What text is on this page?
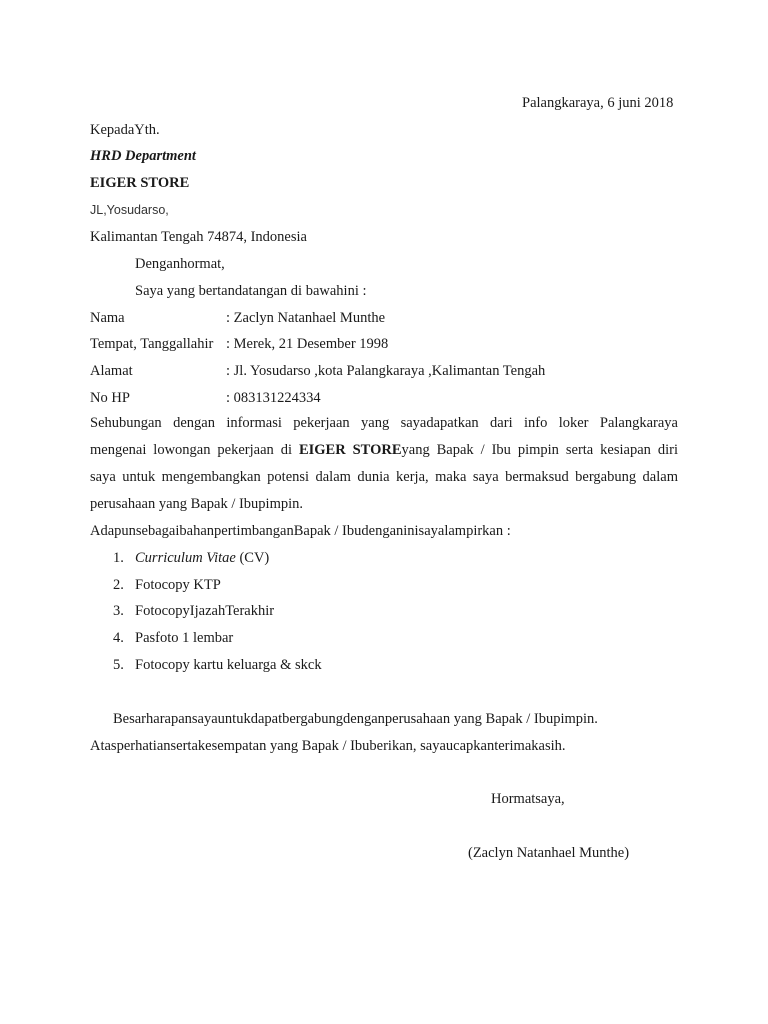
Palangkaraya, 6 juni 2018
KepadaYth.
HRD Department
EIGER STORE
JL,Yosudarso,
Kalimantan Tengah 74874, Indonesia
Denganhormat,
Saya yang bertandatangan di bawahini :
Nama	: Zaclyn Natanhael Munthe
Tempat, Tanggallahir : Merek, 21 Desember 1998
Alamat	: Jl. Yosudarso ,kota Palangkaraya ,Kalimantan Tengah
No HP	: 083131224334
Sehubungan dengan informasi pekerjaan yang sayadapatkan dari info loker Palangkaraya
mengenai lowongan pekerjaan di EIGER STOREyang Bapak / Ibu pimpin serta kesiapan diri
saya untuk mengembangkan potensi dalam dunia kerja, maka saya bermaksud bergabung dalam
perusahaan yang Bapak / Ibupimpin.
AdapunsebagaibahanpertimbanganBapak / Ibudenganinisayalampirkan :
1. Curriculum Vitae (CV)
2. Fotocopy KTP
3. FotocopyIjazahTerakhir
4. Pasfoto 1 lembar
5. Fotocopy kartu keluarga & skck
Besarharapansayauntukdapatbergabungdenganperusahaan yang Bapak / Ibupimpin.
Atasperhatiansertakesempatan yang Bapak / Ibuberikan, sayaucapkanterimakasih.
Hormatsaya,
(Zaclyn Natanhael Munthe)
